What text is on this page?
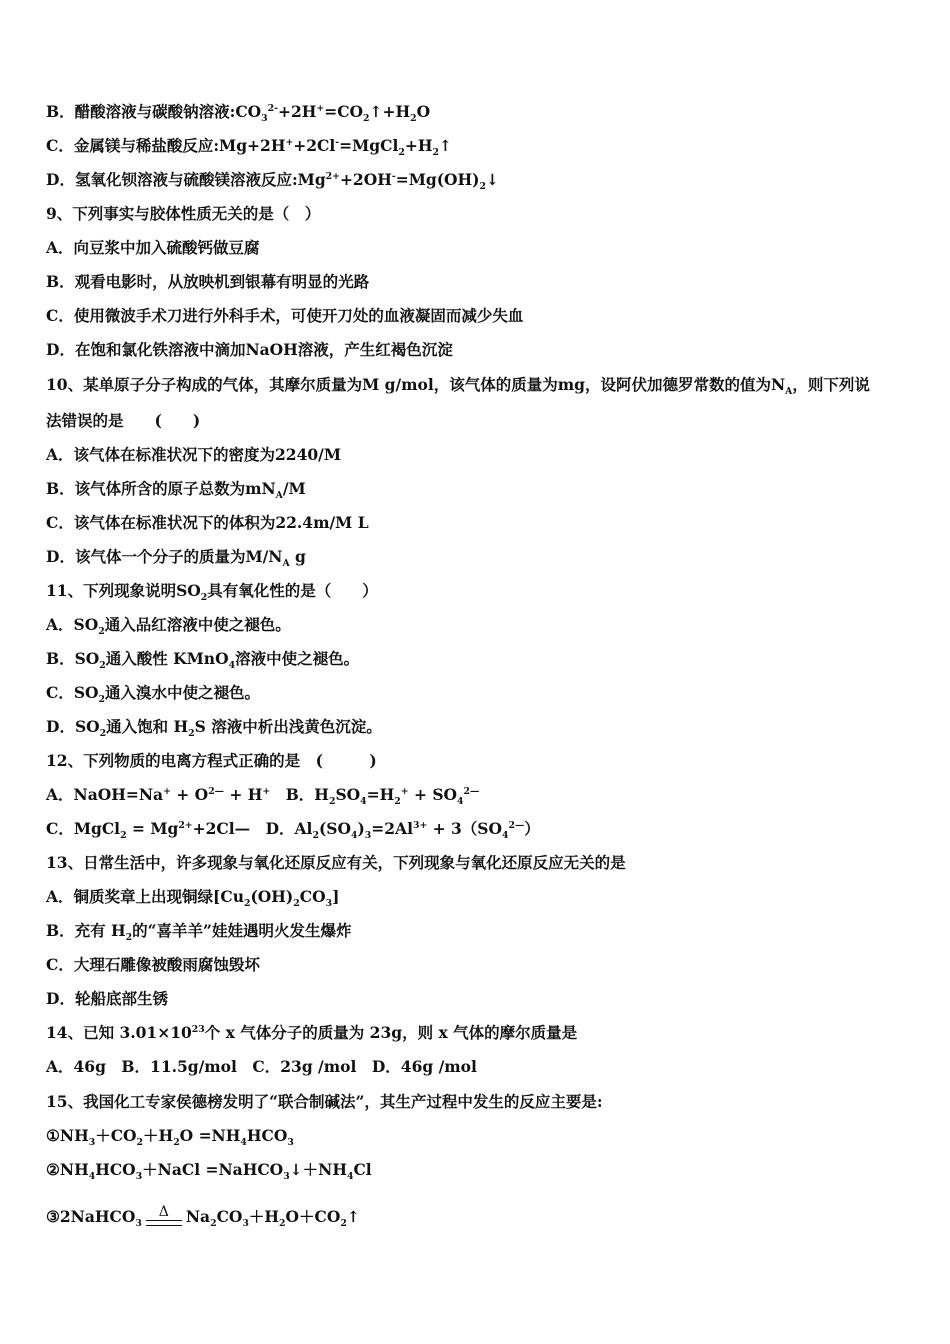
B．醋酸溶液与碳酸钠溶液$:CO_3^{2-}+2H^+=CO_2↑+H_2O$
C．金属镁与稀盐酸反应$:Mg+2H^++2Cl^-=MgCl_2+H_2↑$
D．氢氧化钡溶液与硫酸镁溶液反应$:Mg^{2+}+2OH^-=Mg(OH)_2↓$
9、下列事实与胶体性质无关的是（　）
A．向豆浆中加入硫酸钙做豆腐
B．观看电影时，从放映机到银幕有明显的光路
C．使用微波手术刀进行外科手术，可使开刀处的血液凝固而减少失血
D．在饱和氯化铁溶液中滴加NaOH溶液，产生红褐色沉淀
10、某单原子分子构成的气体，其摩尔质量为M g/mol，该气体的质量为mg，设阿伏加德罗常数的值为$N_A$，则下列说
法错误的是　　(　　)
A．该气体在标准状况下的密度为2240/M
B．该气体所含的原子总数为$mN_A/M$
C．该气体在标准状况下的体积为22.4m/M L
D．该气体一个分子的质量为$M/N_A$ g
11、下列现象说明$SO_2$具有氧化性的是（　　）
A．$SO_2$通入品红溶液中使之褪色。
B．$SO_2$通入酸性 KMnO$_4$溶液中使之褪色。
C．$SO_2$通入溴水中使之褪色。
D．$SO_2$通入饱和 $H_2S$ 溶液中析出浅黄色沉淀。
12、下列物质的电离方程式正确的是　(　　　)
A．NaOH=Na+ + $O^{2—} + H^+$　B．$H_2SO_4=H_2^+ + SO_4^{2—}$
C．MgCl$_2$ = $Mg^{2+}+2Cl—$　D．$Al_2(SO_4)_3=2Al^{3+} + 3(SO_4^{2—})$
13、日常生活中，许多现象与氧化还原反应有关，下列现象与氧化还原反应无关的是
A．铜质奖章上出现铜绿$[Cu_2(OH)_2CO_3]$
B．充有 $H_2$的“喜羊羊”娃娃遇明火发生爆炸
C．大理石雕像被酸雨腐蚀毁坏
D．轮船底部生锈
14、已知 $3.01\times 10^{23}$个 x 气体分子的质量为 23g，则 x 气体的摩尔质量是
A．46g　B．11.5g/mol　C．23g /mol　D．46g /mol
15、我国化工专家侯德榜发明了“联合制碱法”，其生产过程中发生的反应主要是:
$①NH_3+CO_2+H_2O =NH_4HCO_3$
$②NH_4HCO_3+NaCl$ $=NaHCO_3↓+NH_4Cl$
③2NaHCO$_3$
Δ $Na_2CO_3+H_2O+CO_2↑$
